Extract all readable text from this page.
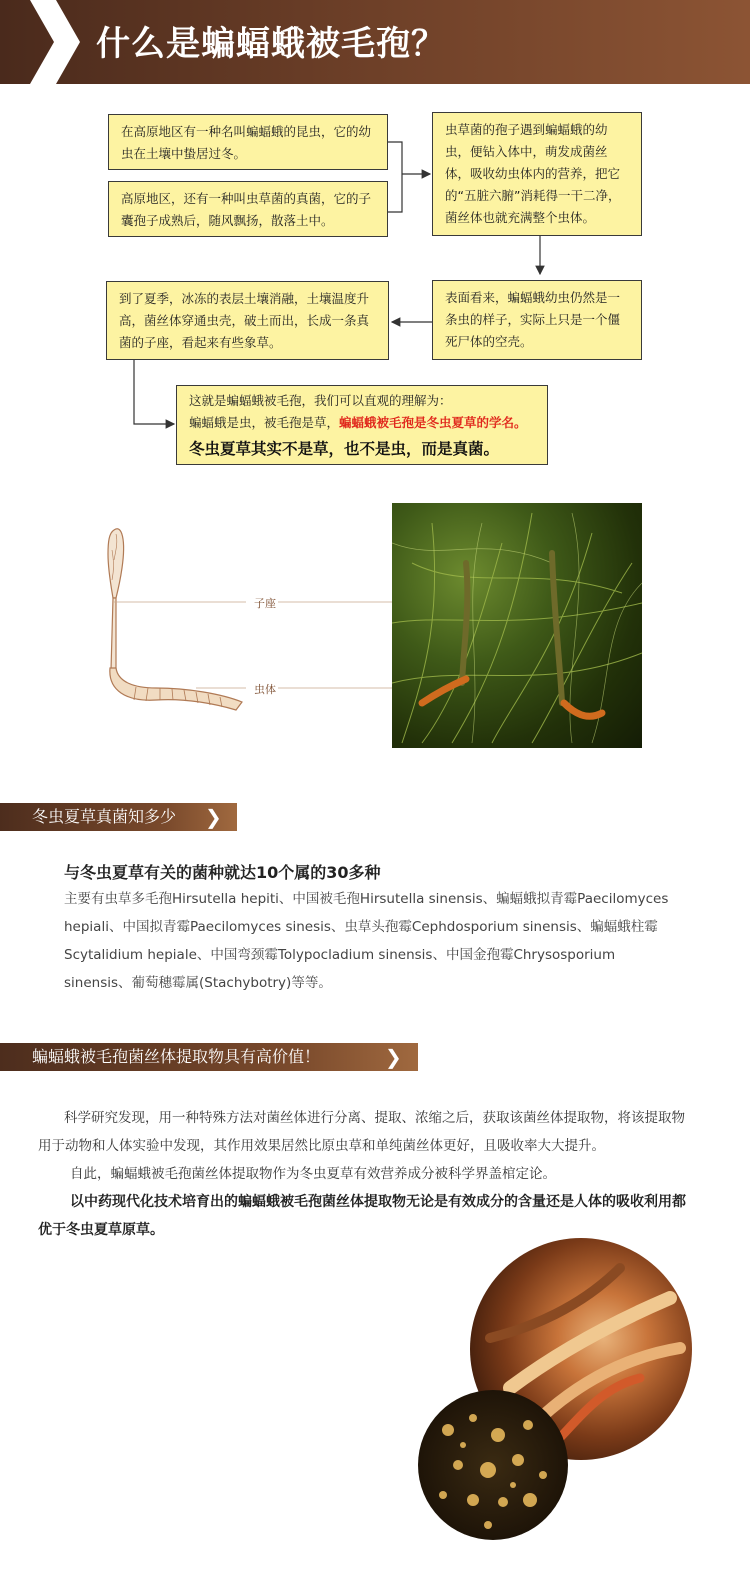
什么是蝙蝠蛾被毛孢？
在高原地区有一种名叫蝙蝠蛾的昆虫，它的幼虫在土壤中蛰居过冬。
高原地区，还有一种叫虫草菌的真菌，它的子囊孢子成熟后，随风飘扬，散落土中。
虫草菌的孢子遇到蝙蝠蛾的幼虫，便钻入体中，萌发成菌丝体，吸收幼虫体内的营养，把它的“五脏六腑”消耗得一干二净，菌丝体也就充满整个虫体。
表面看来，蝙蝠蛾幼虫仍然是一条虫的样子，实际上只是一个僵死尸体的空壳。
到了夏季，冰冻的表层土壤消融，土壤温度升高，菌丝体穿通虫壳，破土而出，长成一条真菌的子座，看起来有些象草。
这就是蝙蝠蛾被毛孢，我们可以直观的理解为：
蝙蝠蛾是虫，被毛孢是草，蝙蝠蛾被毛孢是冬虫夏草的学名。
冬虫夏草其实不是草，也不是虫，而是真菌。
子座
虫体
冬虫夏草真菌知多少 ❯
与冬虫夏草有关的菌种就达10个属的30多种
主要有虫草多毛孢Hirsutella hepiti、中国被毛孢Hirsutella sinensis、蝙蝠蛾拟青霉Paecilomyces hepiali、中国拟青霉Paecilomyces sinesis、虫草头孢霉Cephdosporium sinensis、蝙蝠蛾柱霉Scytalidium hepiale、中国弯颈霉Tolypocladium sinensis、中国金孢霉Chrysosporium sinensis、葡萄穗霉属(Stachybotry)等等。
蝙蝠蛾被毛孢菌丝体提取物具有高价值！	❯
科学研究发现，用一种特殊方法对菌丝体进行分离、提取、浓缩之后，获取该菌丝体提取物，将该提取物用于动物和人体实验中发现，其作用效果居然比原虫草和单纯菌丝体更好，且吸收率大大提升。
自此，蝙蝠蛾被毛孢菌丝体提取物作为冬虫夏草有效营养成分被科学界盖棺定论。
以中药现代化技术培育出的蝙蝠蛾被毛孢菌丝体提取物无论是有效成分的含量还是人体的吸收利用都优于冬虫夏草原草。
